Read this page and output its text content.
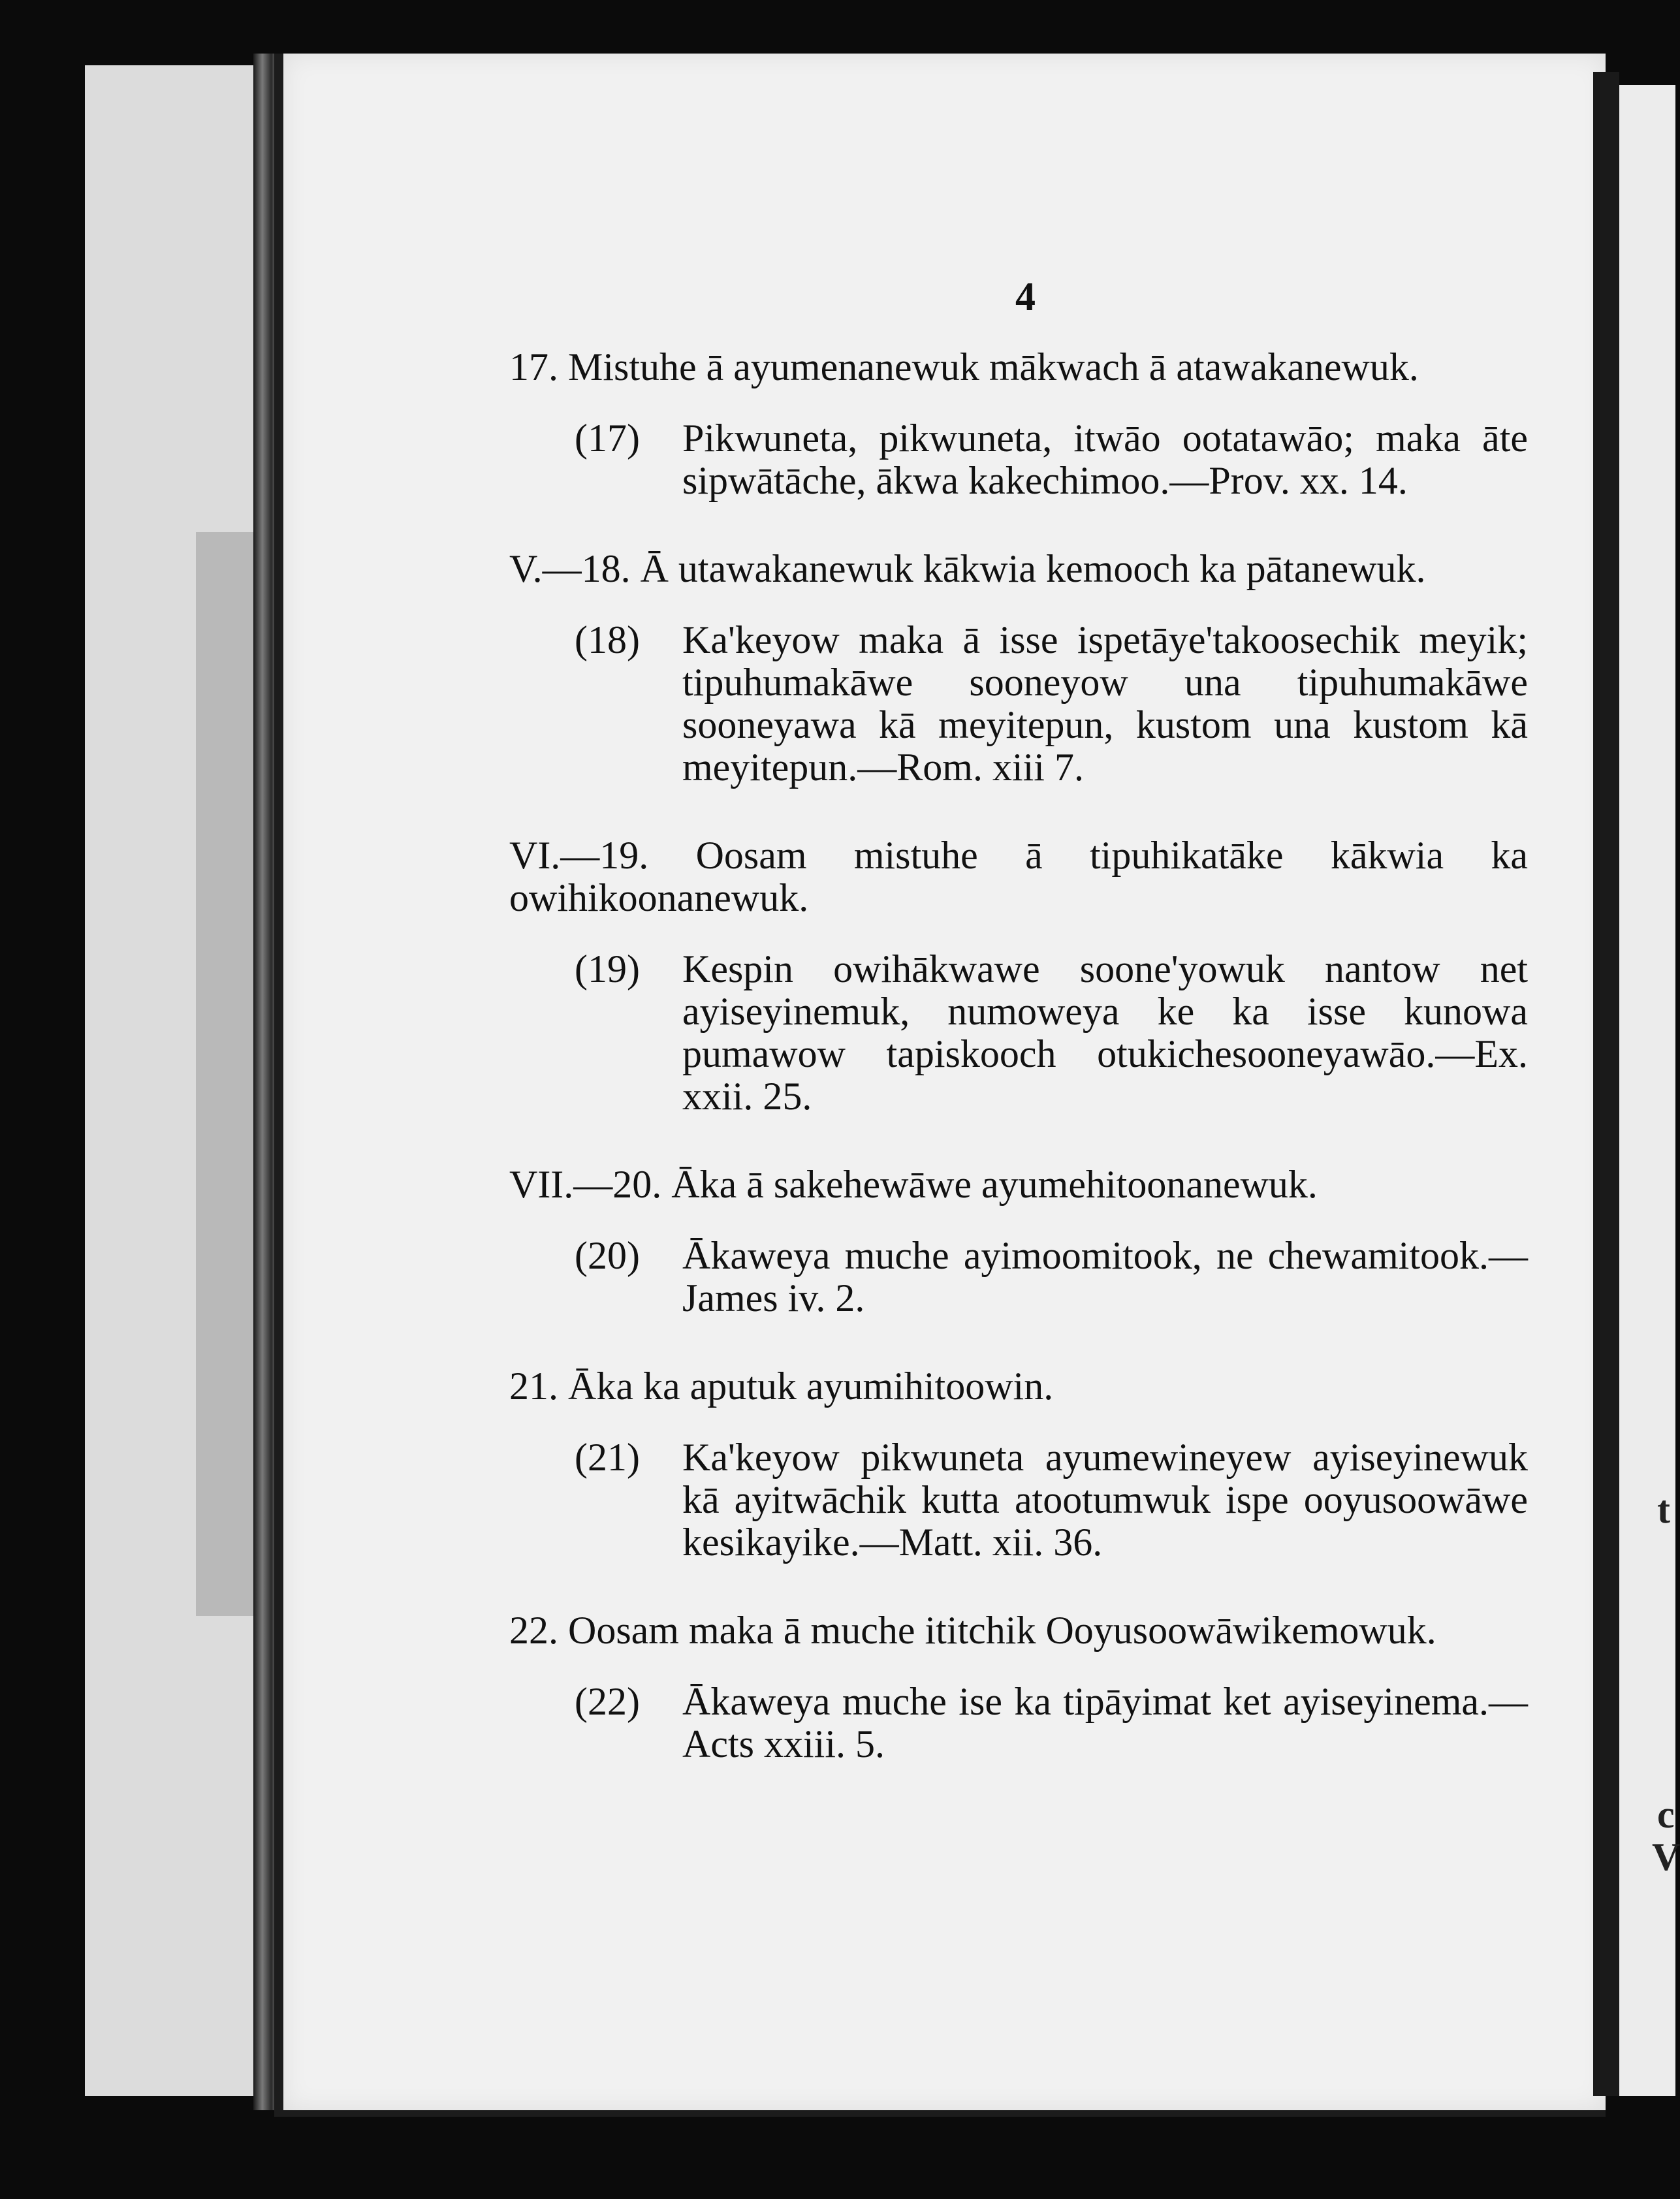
t
c
V
4
17. Mistuhe ā ayumenanewuk mākwach ā atawakanewuk.
(17) Pikwuneta, pikwuneta, itwāo ootatawāo; maka āte sipwātāche, ākwa kakechimoo.—Prov. xx. 14.
V.—18. Ā utawakanewuk kākwia kemooch ka pātanewuk.
(18) Ka'keyow maka ā isse ispetāye'takoosechik meyik; tipuhumakāwe sooneyow una tipuhumakāwe sooneyawa kā meyitepun, kustom una kustom kā meyitepun.—Rom. xiii 7.
VI.—19. Oosam mistuhe ā tipuhikatāke kākwia ka owihikoonanewuk.
(19) Kespin owihākwawe soone'yowuk nantow net ayiseyinemuk, numoweya ke ka isse kunowa pumawow tapiskooch otukichesooneyawāo.—Ex. xxii. 25.
VII.—20. Āka ā sakehewāwe ayumehitoonanewuk.
(20) Ākaweya muche ayimoomitook, ne chewamitook.—James iv. 2.
21. Āka ka aputuk ayumihitoowin.
(21) Ka'keyow pikwuneta ayumewineyew ayiseyinewuk kā ayitwāchik kutta atootumwuk ispe ooyusoowāwe kesikayike.—Matt. xii. 36.
22. Oosam maka ā muche ititchik Ooyusoowāwikemowuk.
(22) Ākaweya muche ise ka tipāyimat ket ayiseyinema.—Acts xxiii. 5.
